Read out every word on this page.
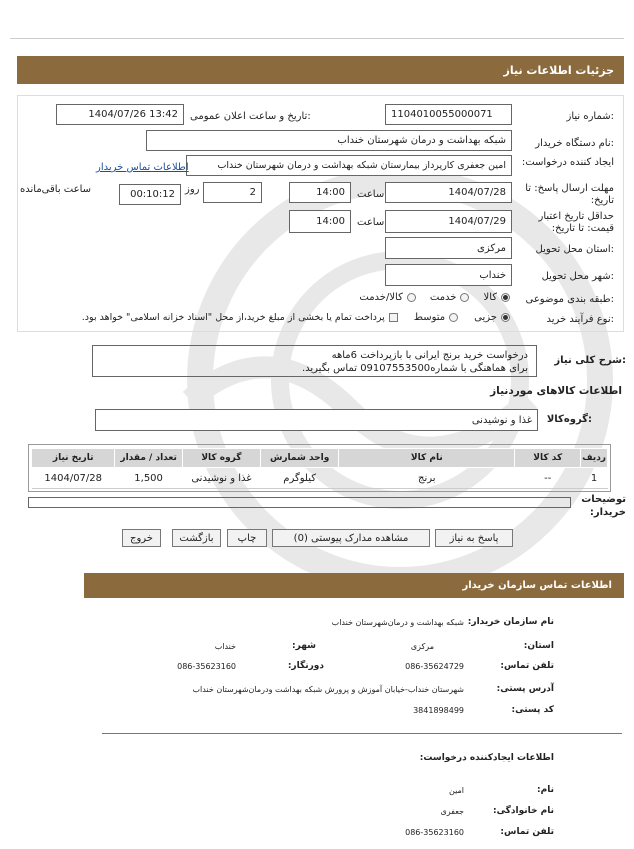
جزئیات اطلاعات نیاز
شماره نیاز:
1104010055000071
تاریخ و ساعت اعلان عمومی:
1404/07/26 13:42
نام دستگاه خریدار:
شبکه بهداشت و درمان شهرستان خنداب
ایجاد کننده درخواست:
امین جعفری کارپرداز بیمارستان شبکه بهداشت و درمان شهرستان خنداب
اطلاعات تماس خریدار
مهلت ارسال پاسخ: تا تاریخ:
1404/07/28
ساعت
14:00
2
روز
00:10:12
ساعت باقی‌مانده
حداقل تاریخ اعتبار قیمت: تا تاریخ:
1404/07/29
ساعت
14:00
استان محل تحویل:
مرکزی
شهر محل تحویل:
خنداب
طبقه بندی موضوعی:
کالا
خدمت
کالا/خدمت
نوع فرآیند خرید:
جزیی
متوسط
پرداخت تمام یا بخشی از مبلغ خرید،از محل "اسناد خزانه اسلامی" خواهد بود.
شرح کلی نیاز:
درخواست خرید برنج ایرانی با بازپرداخت 6ماهه
برای هماهنگی با شماره09107553500 تماس بگیرید.
اطلاعات کالاهای موردنیاز
گروه‌کالا:
غذا و نوشیدنی
ردیف	کد کالا	نام کالا	واحد شمارش	گروه کالا	تعداد / مقدار	تاریخ نیاز
1	--	برنج	کیلوگرم	غذا و نوشیدنی	1,500	1404/07/28
توضیحات خریدار:
پاسخ به نیاز
مشاهده مدارک پیوستی (0)
چاپ
بازگشت
خروج
اطلاعات تماس سازمان خریدار
نام سازمان خریدار:
شبکه بهداشت و درمان‌شهرستان خنداب
استان:
مرکزی
شهر:
خنداب
تلفن تماس:
086-35624729
دورنگار:
086-35623160
آدرس پستی:
شهرستان خنداب-خیابان آموزش و پرورش شبکه بهداشت ودرمان‌شهرستان خنداب
کد پستی:
3841898499
اطلاعات ایجادکننده درخواست:
نام:
امین
نام خانوادگی:
جعفری
تلفن تماس:
086-35623160
